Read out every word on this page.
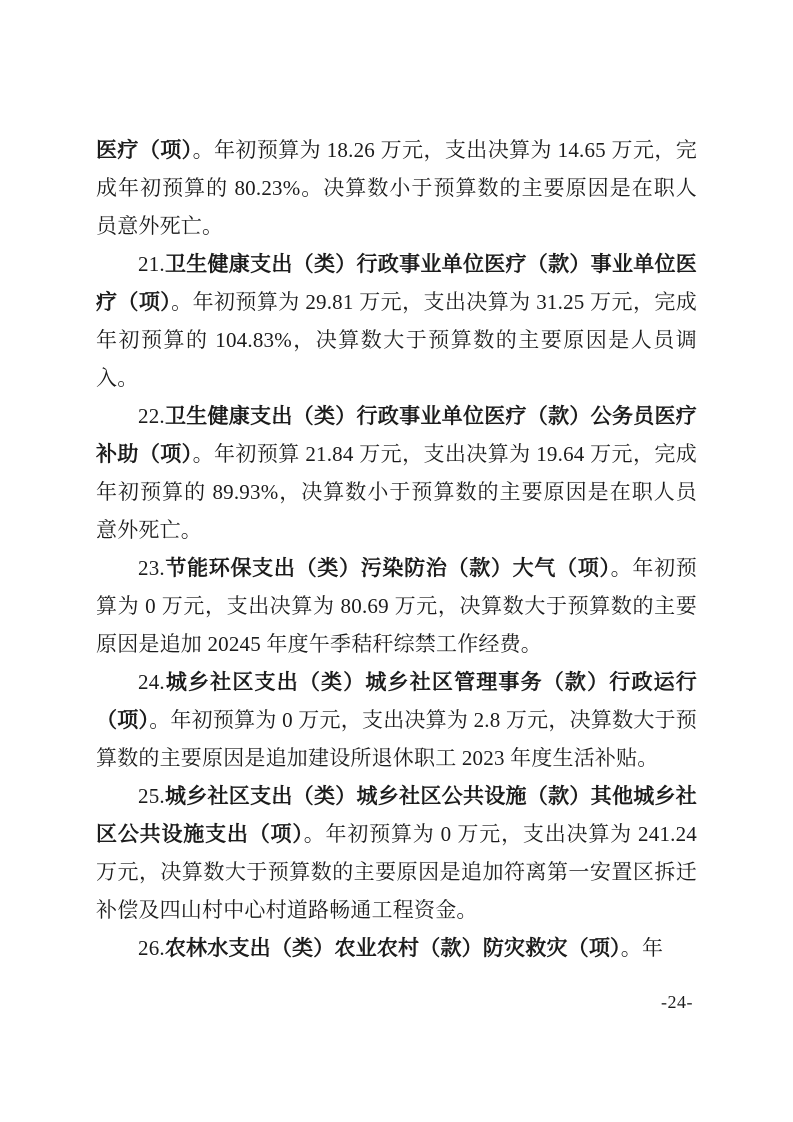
医疗（项）。年初预算为 18.26 万元，支出决算为 14.65 万元，完成年初预算的 80.23%。决算数小于预算数的主要原因是在职人员意外死亡。

21.卫生健康支出（类）行政事业单位医疗（款）事业单位医疗（项）。年初预算为 29.81 万元，支出决算为 31.25 万元，完成年初预算的 104.83%，决算数大于预算数的主要原因是人员调入。

22.卫生健康支出（类）行政事业单位医疗（款）公务员医疗补助（项）。年初预算 21.84 万元，支出决算为 19.64 万元，完成年初预算的 89.93%，决算数小于预算数的主要原因是在职人员意外死亡。

23.节能环保支出（类）污染防治（款）大气（项）。年初预算为 0 万元，支出决算为 80.69 万元，决算数大于预算数的主要原因是追加 20245 年度午季秸秆综禁工作经费。

24.城乡社区支出（类）城乡社区管理事务（款）行政运行（项）。年初预算为 0 万元，支出决算为 2.8 万元，决算数大于预算数的主要原因是追加建设所退休职工 2023 年度生活补贴。

25.城乡社区支出（类）城乡社区公共设施（款）其他城乡社区公共设施支出（项）。年初预算为 0 万元，支出决算为 241.24 万元，决算数大于预算数的主要原因是追加符离第一安置区拆迁补偿及四山村中心村道路畅通工程资金。

26.农林水支出（类）农业农村（款）防灾救灾（项）。年

-24-
